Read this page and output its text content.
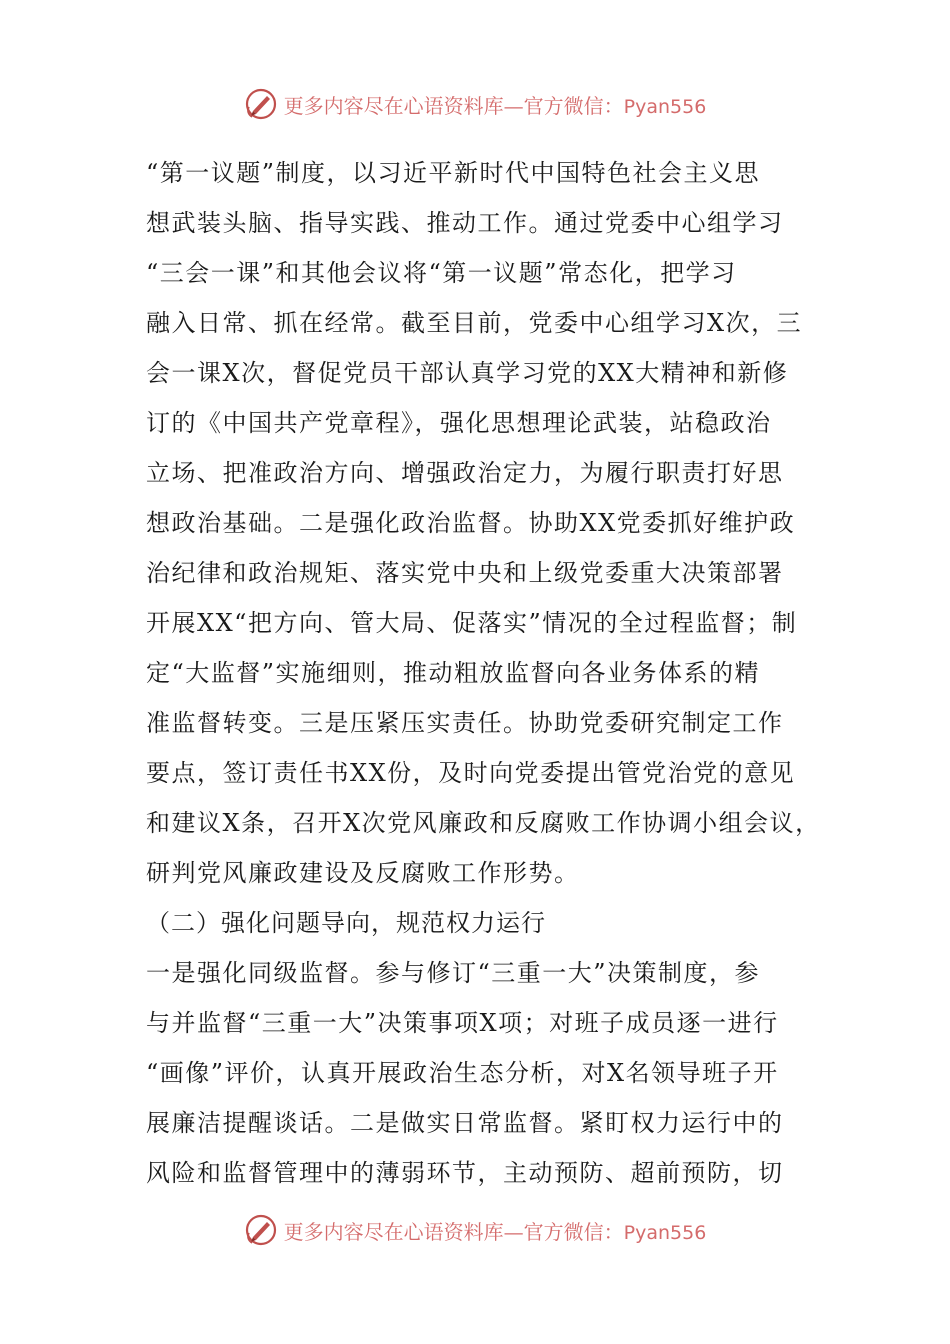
更多内容尽在心语资料库—官方微信：Pyan556
“第一议题”制度，以习近平新时代中国特色社会主义思
想武装头脑、指导实践、推动工作。通过党委中心组学习
“三会一课”和其他会议将“第一议题”常态化，把学习
融入日常、抓在经常。截至目前，党委中心组学习X次，三
会一课X次，督促党员干部认真学习党的XX大精神和新修
订的《中国共产党章程》，强化思想理论武装，站稳政治
立场、把准政治方向、增强政治定力，为履行职责打好思
想政治基础。二是强化政治监督。协助XX党委抓好维护政
治纪律和政治规矩、落实党中央和上级党委重大决策部署
开展XX“把方向、管大局、促落实”情况的全过程监督；制
定“大监督”实施细则，推动粗放监督向各业务体系的精
准监督转变。三是压紧压实责任。协助党委研究制定工作
要点，签订责任书XX份，及时向党委提出管党治党的意见
和建议X条，召开X次党风廉政和反腐败工作协调小组会议，
研判党风廉政建设及反腐败工作形势。
（二）强化问题导向，规范权力运行
一是强化同级监督。参与修订“三重一大”决策制度，参
与并监督“三重一大”决策事项X项；对班子成员逐一进行
“画像”评价，认真开展政治生态分析，对X名领导班子开
展廉洁提醒谈话。二是做实日常监督。紧盯权力运行中的
风险和监督管理中的薄弱环节，主动预防、超前预防，切
更多内容尽在心语资料库—官方微信：Pyan556
